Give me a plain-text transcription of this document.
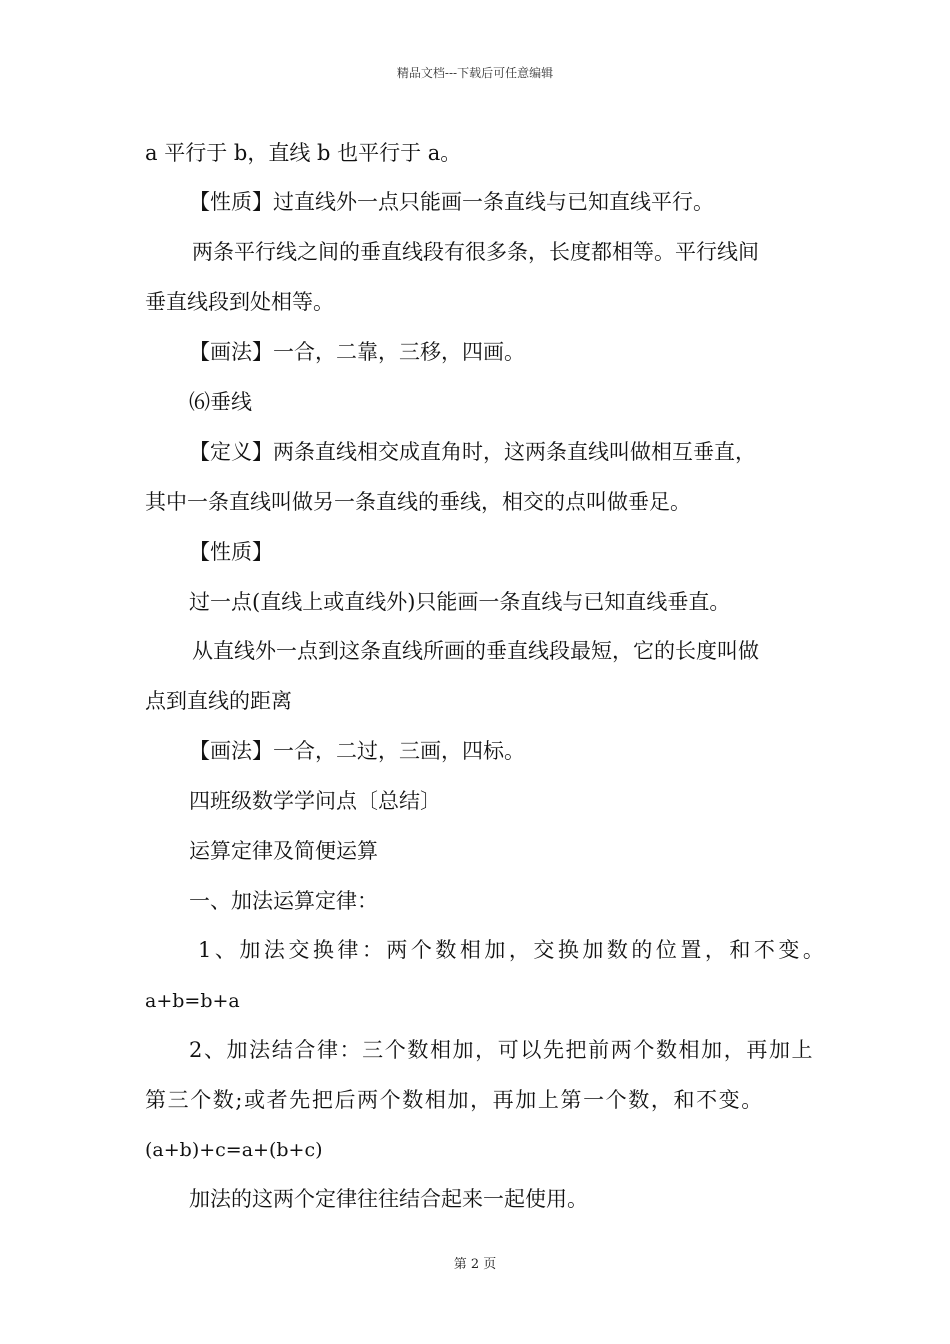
精品文档---下载后可任意编辑
a 平行于 b，直线 b 也平行于 a。
【性质】过直线外一点只能画一条直线与已知直线平行。
两条平行线之间的垂直线段有很多条，长度都相等。平行线间
垂直线段到处相等。
【画法】一合，二靠，三移，四画。
⑹垂线
【定义】两条直线相交成直角时，这两条直线叫做相互垂直，
其中一条直线叫做另一条直线的垂线，相交的点叫做垂足。
【性质】
过一点(直线上或直线外)只能画一条直线与已知直线垂直。
从直线外一点到这条直线所画的垂直线段最短，它的长度叫做
点到直线的距离
【画法】一合，二过，三画，四标。
四班级数学学问点〔总结〕
运算定律及简便运算
一、加法运算定律：
1、加法交换律：两个数相加，交换加数的位置，和不变。
a+b=b+a
2、加法结合律：三个数相加，可以先把前两个数相加，再加上
第三个数;或者先把后两个数相加，再加上第一个数，和不变。
(a+b)+c=a+(b+c)
加法的这两个定律往往结合起来一起使用。
第 2 页
